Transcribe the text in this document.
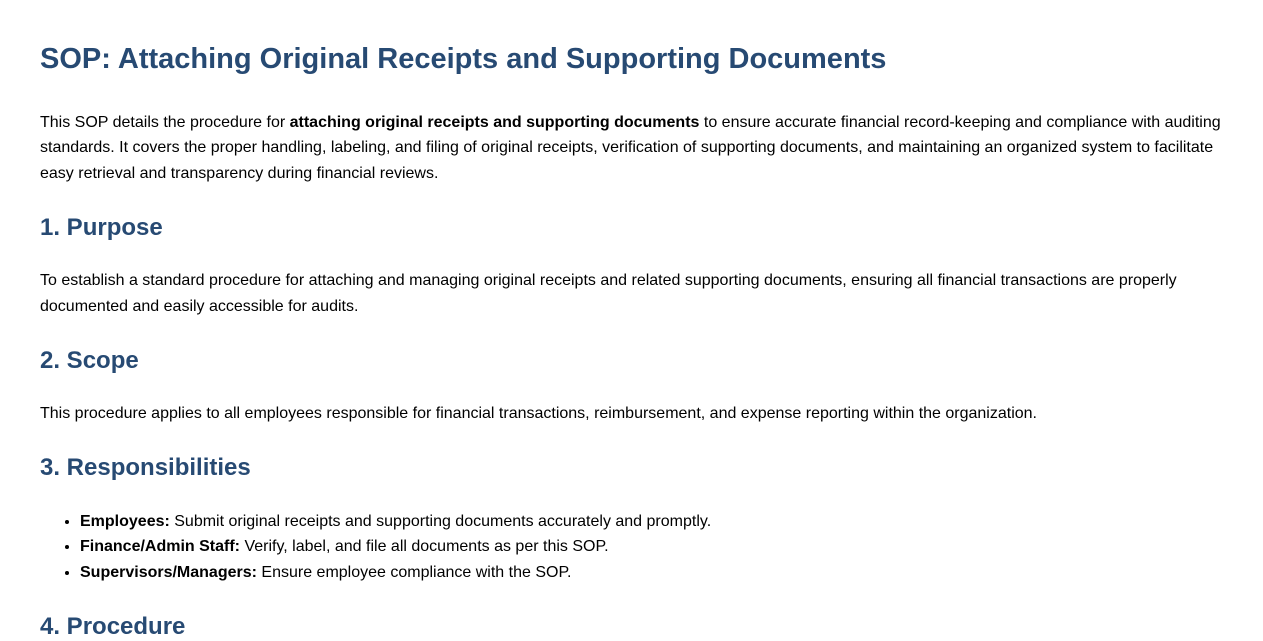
SOP: Attaching Original Receipts and Supporting Documents

This SOP details the procedure for attaching original receipts and supporting documents to ensure accurate financial record-keeping and compliance with auditing standards. It covers the proper handling, labeling, and filing of original receipts, verification of supporting documents, and maintaining an organized system to facilitate easy retrieval and transparency during financial reviews.

1. Purpose

To establish a standard procedure for attaching and managing original receipts and related supporting documents, ensuring all financial transactions are properly documented and easily accessible for audits.

2. Scope

This procedure applies to all employees responsible for financial transactions, reimbursement, and expense reporting within the organization.

3. Responsibilities
• Employees: Submit original receipts and supporting documents accurately and promptly.
• Finance/Admin Staff: Verify, label, and file all documents as per this SOP.
• Supervisors/Managers: Ensure employee compliance with the SOP.
4. Procedure
